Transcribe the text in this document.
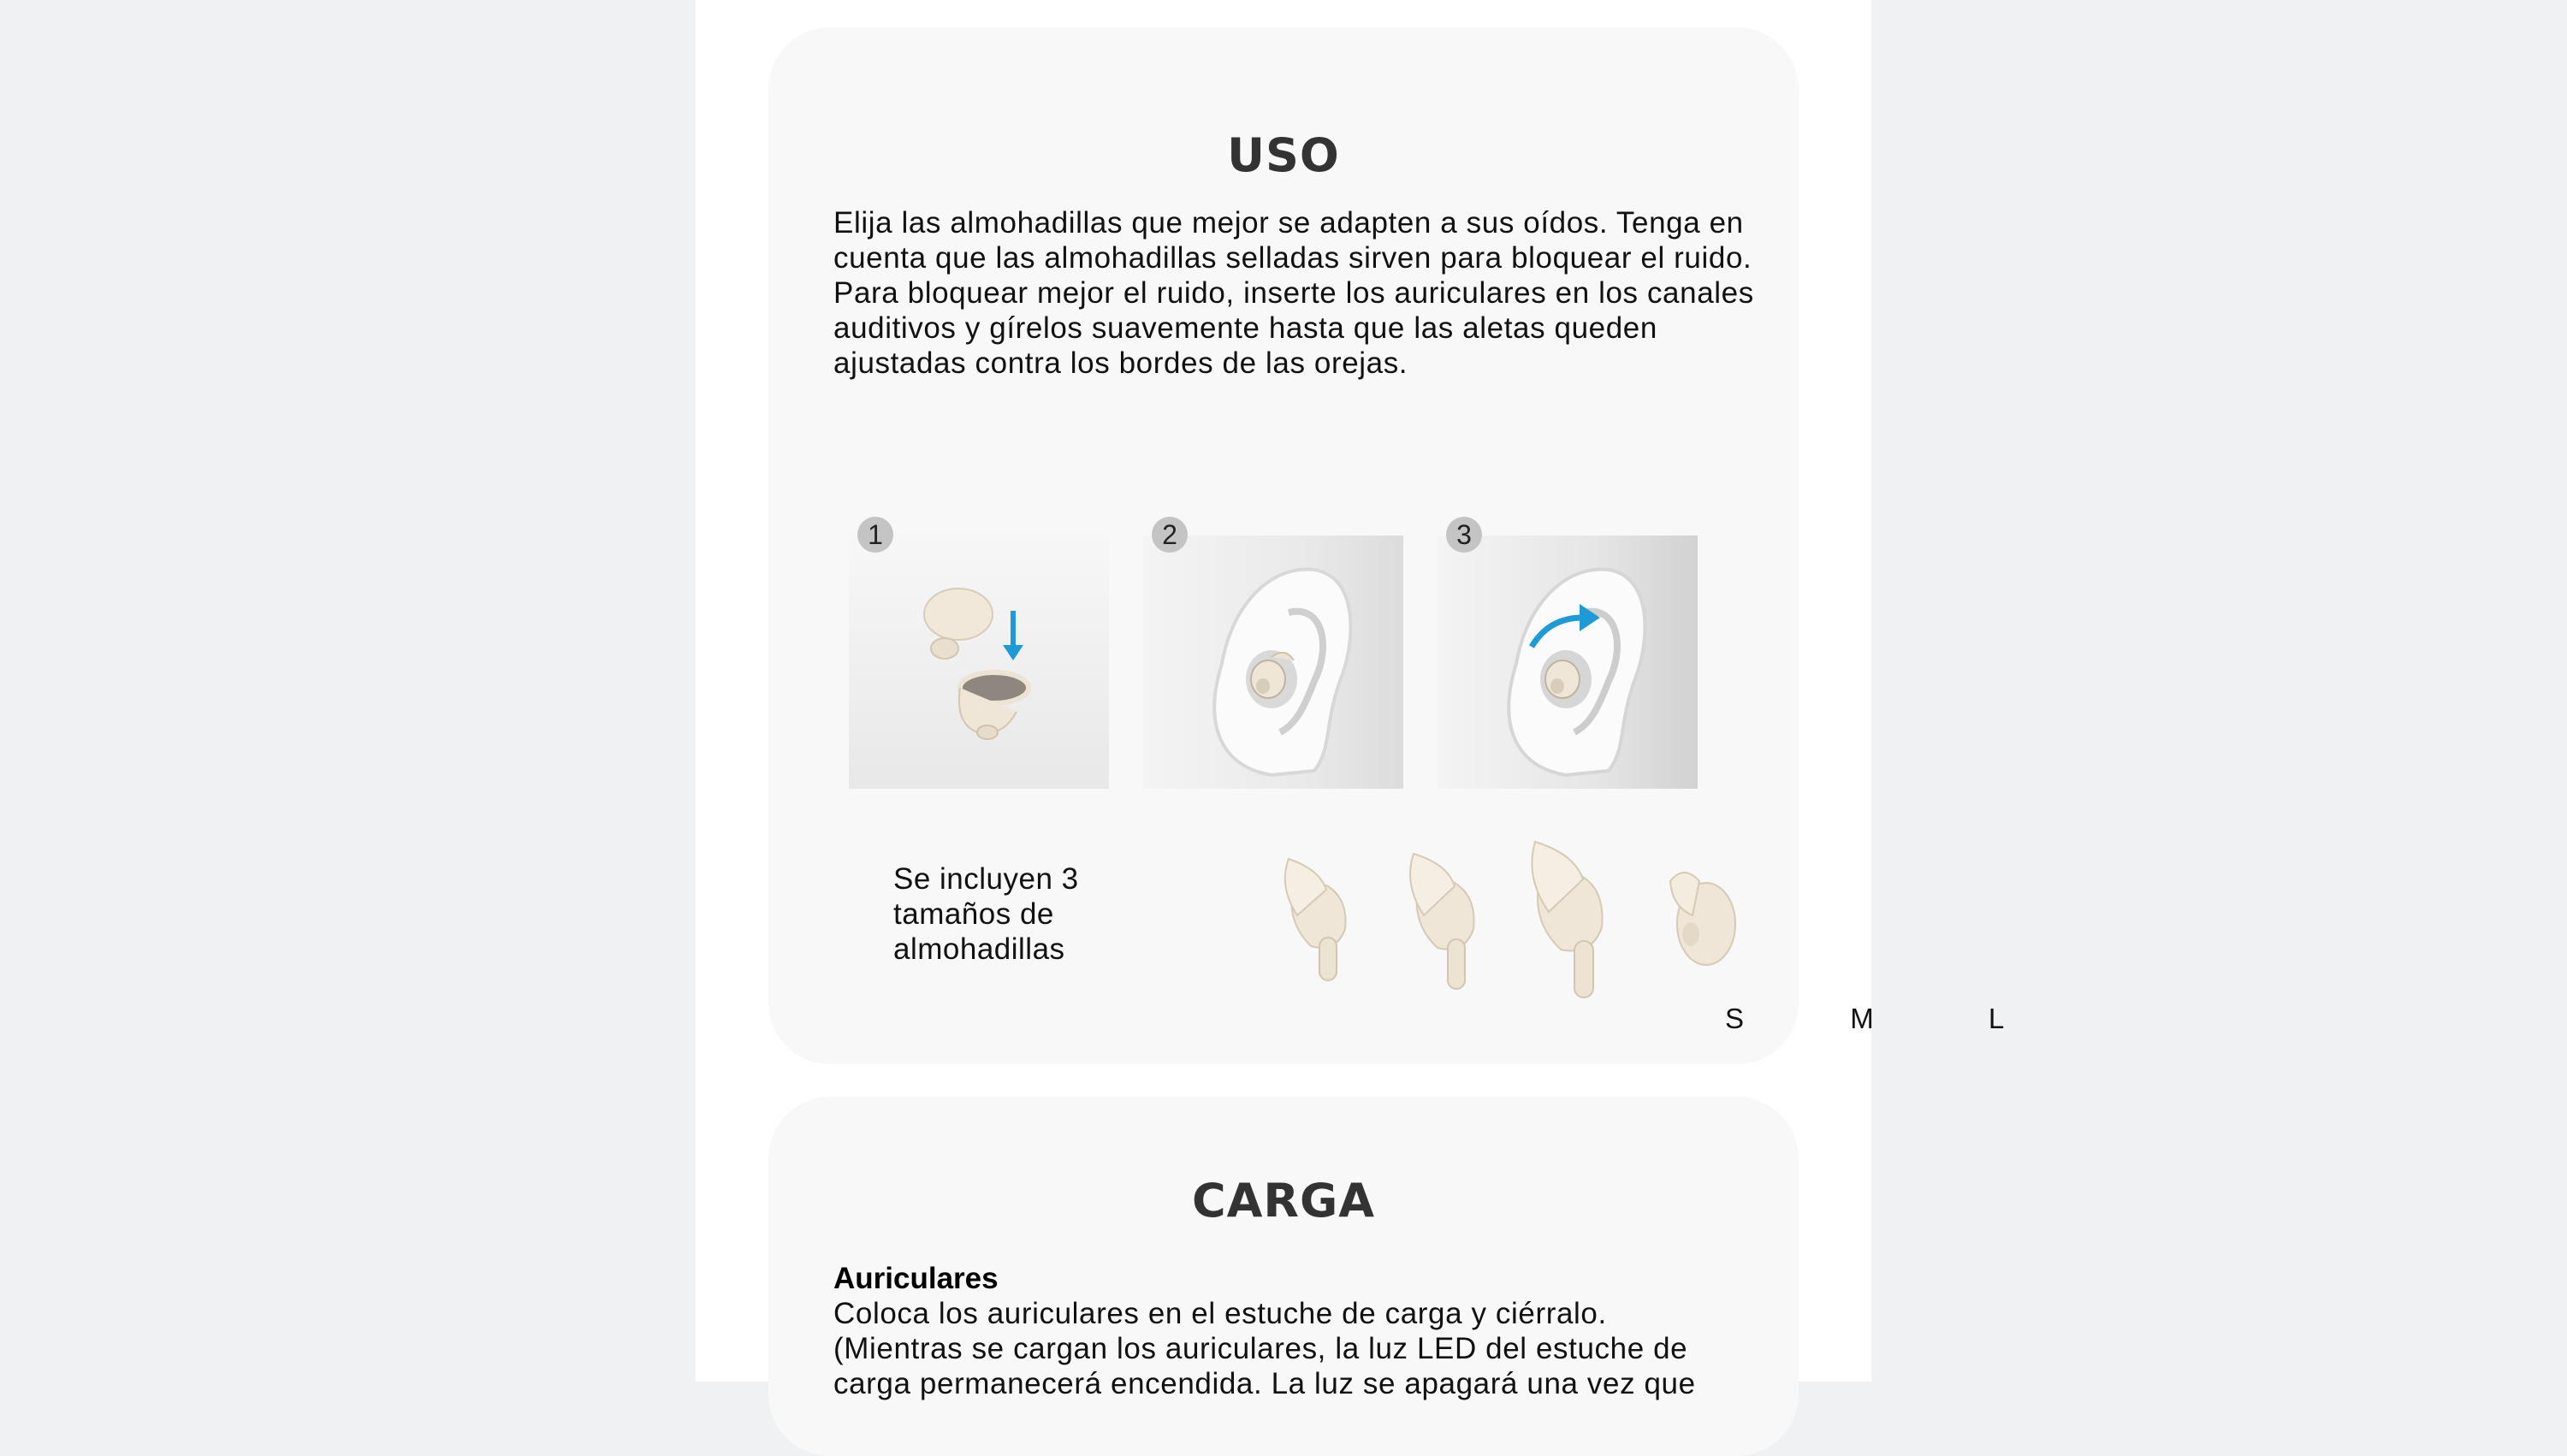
USO

Elija las almohadillas que mejor se adapten a sus oídos. Tenga en cuenta que las almohadillas selladas sirven para bloquear el ruido.

Para bloquear mejor el ruido, inserte los auriculares en los canales auditivos y gírelos suavemente hasta que las aletas queden ajustadas contra los bordes de las orejas.

1	2	3
Se incluyen 3 tamaños de almohadillas
S	M	L
CARGA
Auriculares

Coloca los auriculares en el estuche de carga y ciérralo.

(Mientras se cargan los auriculares, la luz LED del estuche de carga permanecerá encendida. La luz se apagará una vez que
